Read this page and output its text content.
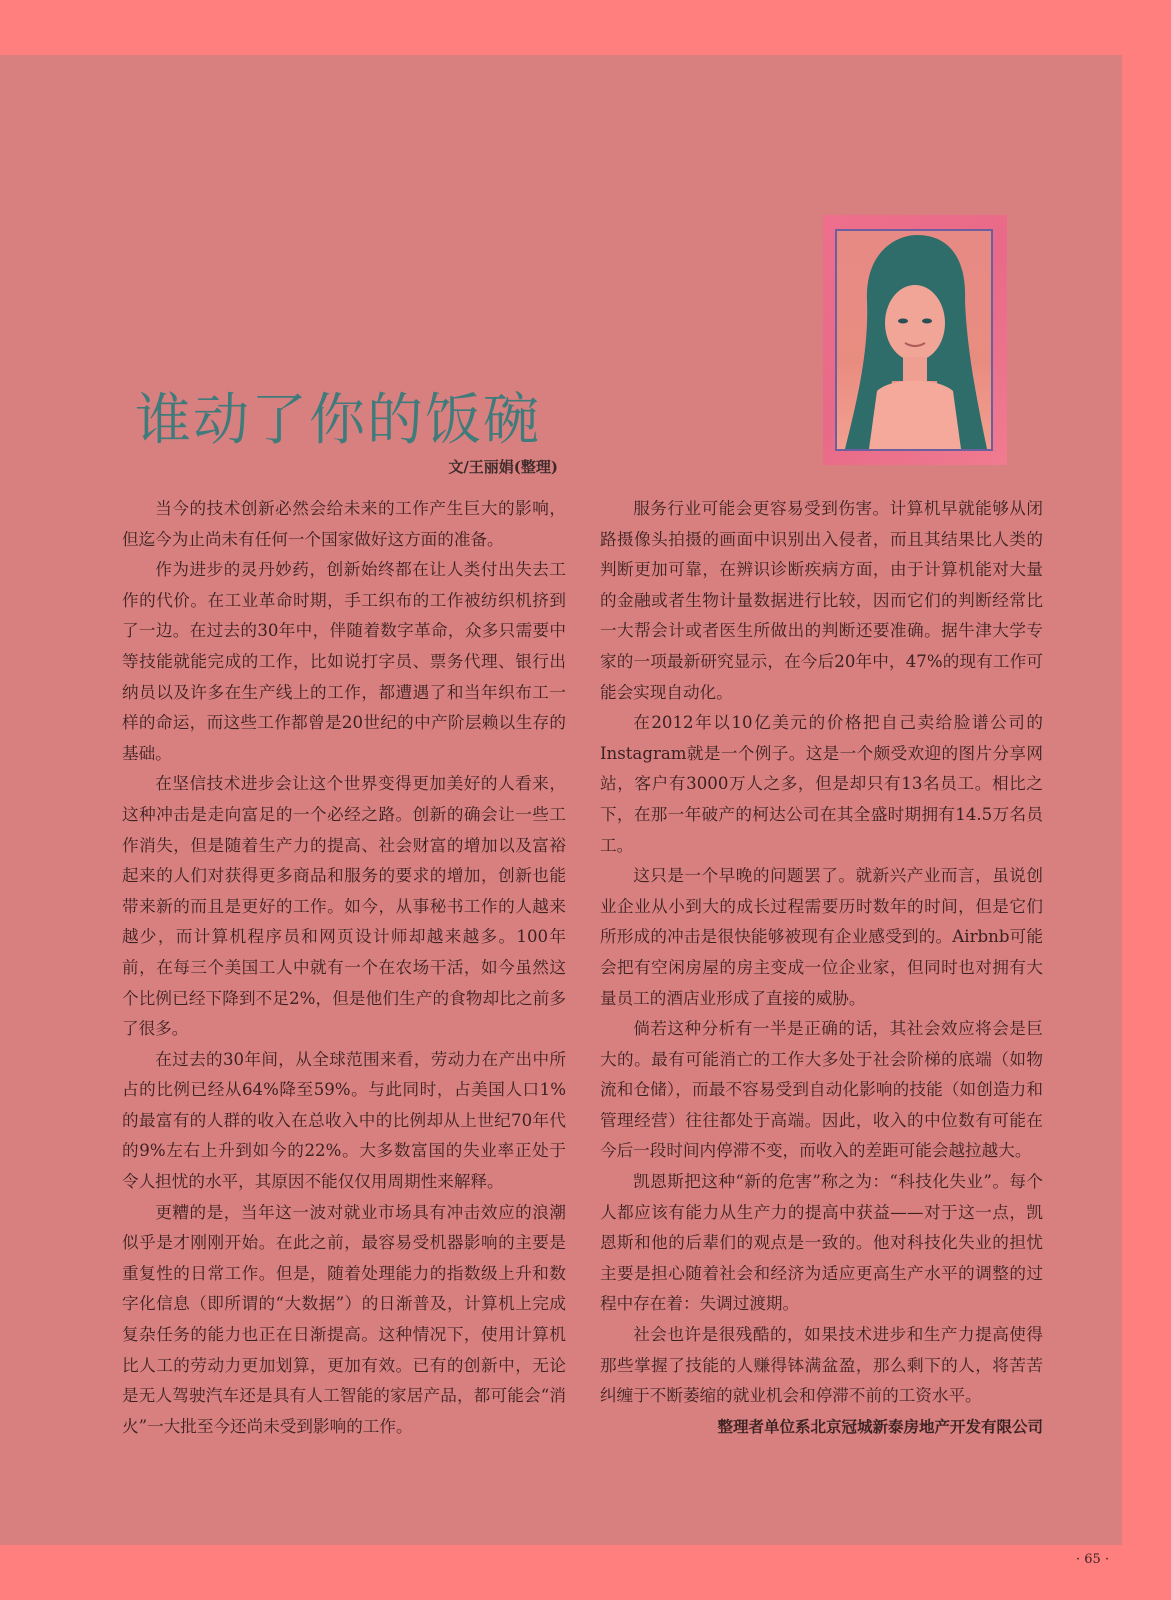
谁动了你的饭碗
文/王丽娟(整理)

当今的技术创新必然会给未来的工作产生巨大的影响，但迄今为止尚未有任何一个国家做好这方面的准备。

作为进步的灵丹妙药，创新始终都在让人类付出失去工作的代价。在工业革命时期，手工织布的工作被纺织机挤到了一边。在过去的30年中，伴随着数字革命，众多只需要中等技能就能完成的工作，比如说打字员、票务代理、银行出纳员以及许多在生产线上的工作，都遭遇了和当年织布工一样的命运，而这些工作都曾是20世纪的中产阶层赖以生存的基础。

在坚信技术进步会让这个世界变得更加美好的人看来，这种冲击是走向富足的一个必经之路。创新的确会让一些工作消失，但是随着生产力的提高、社会财富的增加以及富裕起来的人们对获得更多商品和服务的要求的增加，创新也能带来新的而且是更好的工作。如今，从事秘书工作的人越来越少，而计算机程序员和网页设计师却越来越多。100年前，在每三个美国工人中就有一个在农场干活，如今虽然这个比例已经下降到不足2%，但是他们生产的食物却比之前多了很多。

在过去的30年间，从全球范围来看，劳动力在产出中所占的比例已经从64%降至59%。与此同时，占美国人口1%的最富有的人群的收入在总收入中的比例却从上世纪70年代的9%左右上升到如今的22%。大多数富国的失业率正处于令人担忧的水平，其原因不能仅仅用周期性来解释。

更糟的是，当年这一波对就业市场具有冲击效应的浪潮似乎是才刚刚开始。在此之前，最容易受机器影响的主要是重复性的日常工作。但是，随着处理能力的指数级上升和数字化信息（即所谓的“大数据”）的日渐普及，计算机上完成复杂任务的能力也正在日渐提高。这种情况下，使用计算机比人工的劳动力更加划算，更加有效。已有的创新中，无论是无人驾驶汽车还是具有人工智能的家居产品，都可能会“消火”一大批至今还尚未受到影响的工作。

服务行业可能会更容易受到伤害。计算机早就能够从闭路摄像头拍摄的画面中识别出入侵者，而且其结果比人类的判断更加可靠，在辨识诊断疾病方面，由于计算机能对大量的金融或者生物计量数据进行比较，因而它们的判断经常比一大帮会计或者医生所做出的判断还要准确。据牛津大学专家的一项最新研究显示，在今后20年中，47%的现有工作可能会实现自动化。

在2012年以10亿美元的价格把自己卖给脸谱公司的Instagram就是一个例子。这是一个颇受欢迎的图片分享网站，客户有3000万人之多，但是却只有13名员工。相比之下，在那一年破产的柯达公司在其全盛时期拥有14.5万名员工。

这只是一个早晚的问题罢了。就新兴产业而言，虽说创业企业从小到大的成长过程需要历时数年的时间，但是它们所形成的冲击是很快能够被现有企业感受到的。Airbnb可能会把有空闲房屋的房主变成一位企业家，但同时也对拥有大量员工的酒店业形成了直接的威胁。

倘若这种分析有一半是正确的话，其社会效应将会是巨大的。最有可能消亡的工作大多处于社会阶梯的底端（如物流和仓储），而最不容易受到自动化影响的技能（如创造力和管理经营）往往都处于高端。因此，收入的中位数有可能在今后一段时间内停滞不变，而收入的差距可能会越拉越大。

凯恩斯把这种“新的危害”称之为：“科技化失业”。每个人都应该有能力从生产力的提高中获益——对于这一点，凯恩斯和他的后辈们的观点是一致的。他对科技化失业的担忧主要是担心随着社会和经济为适应更高生产水平的调整的过程中存在着：失调过渡期。

社会也许是很残酷的，如果技术进步和生产力提高使得那些掌握了技能的人赚得钵满盆盈，那么剩下的人，将苦苦纠缠于不断萎缩的就业机会和停滞不前的工资水平。

整理者单位系北京冠城新泰房地产开发有限公司
· 65 ·
